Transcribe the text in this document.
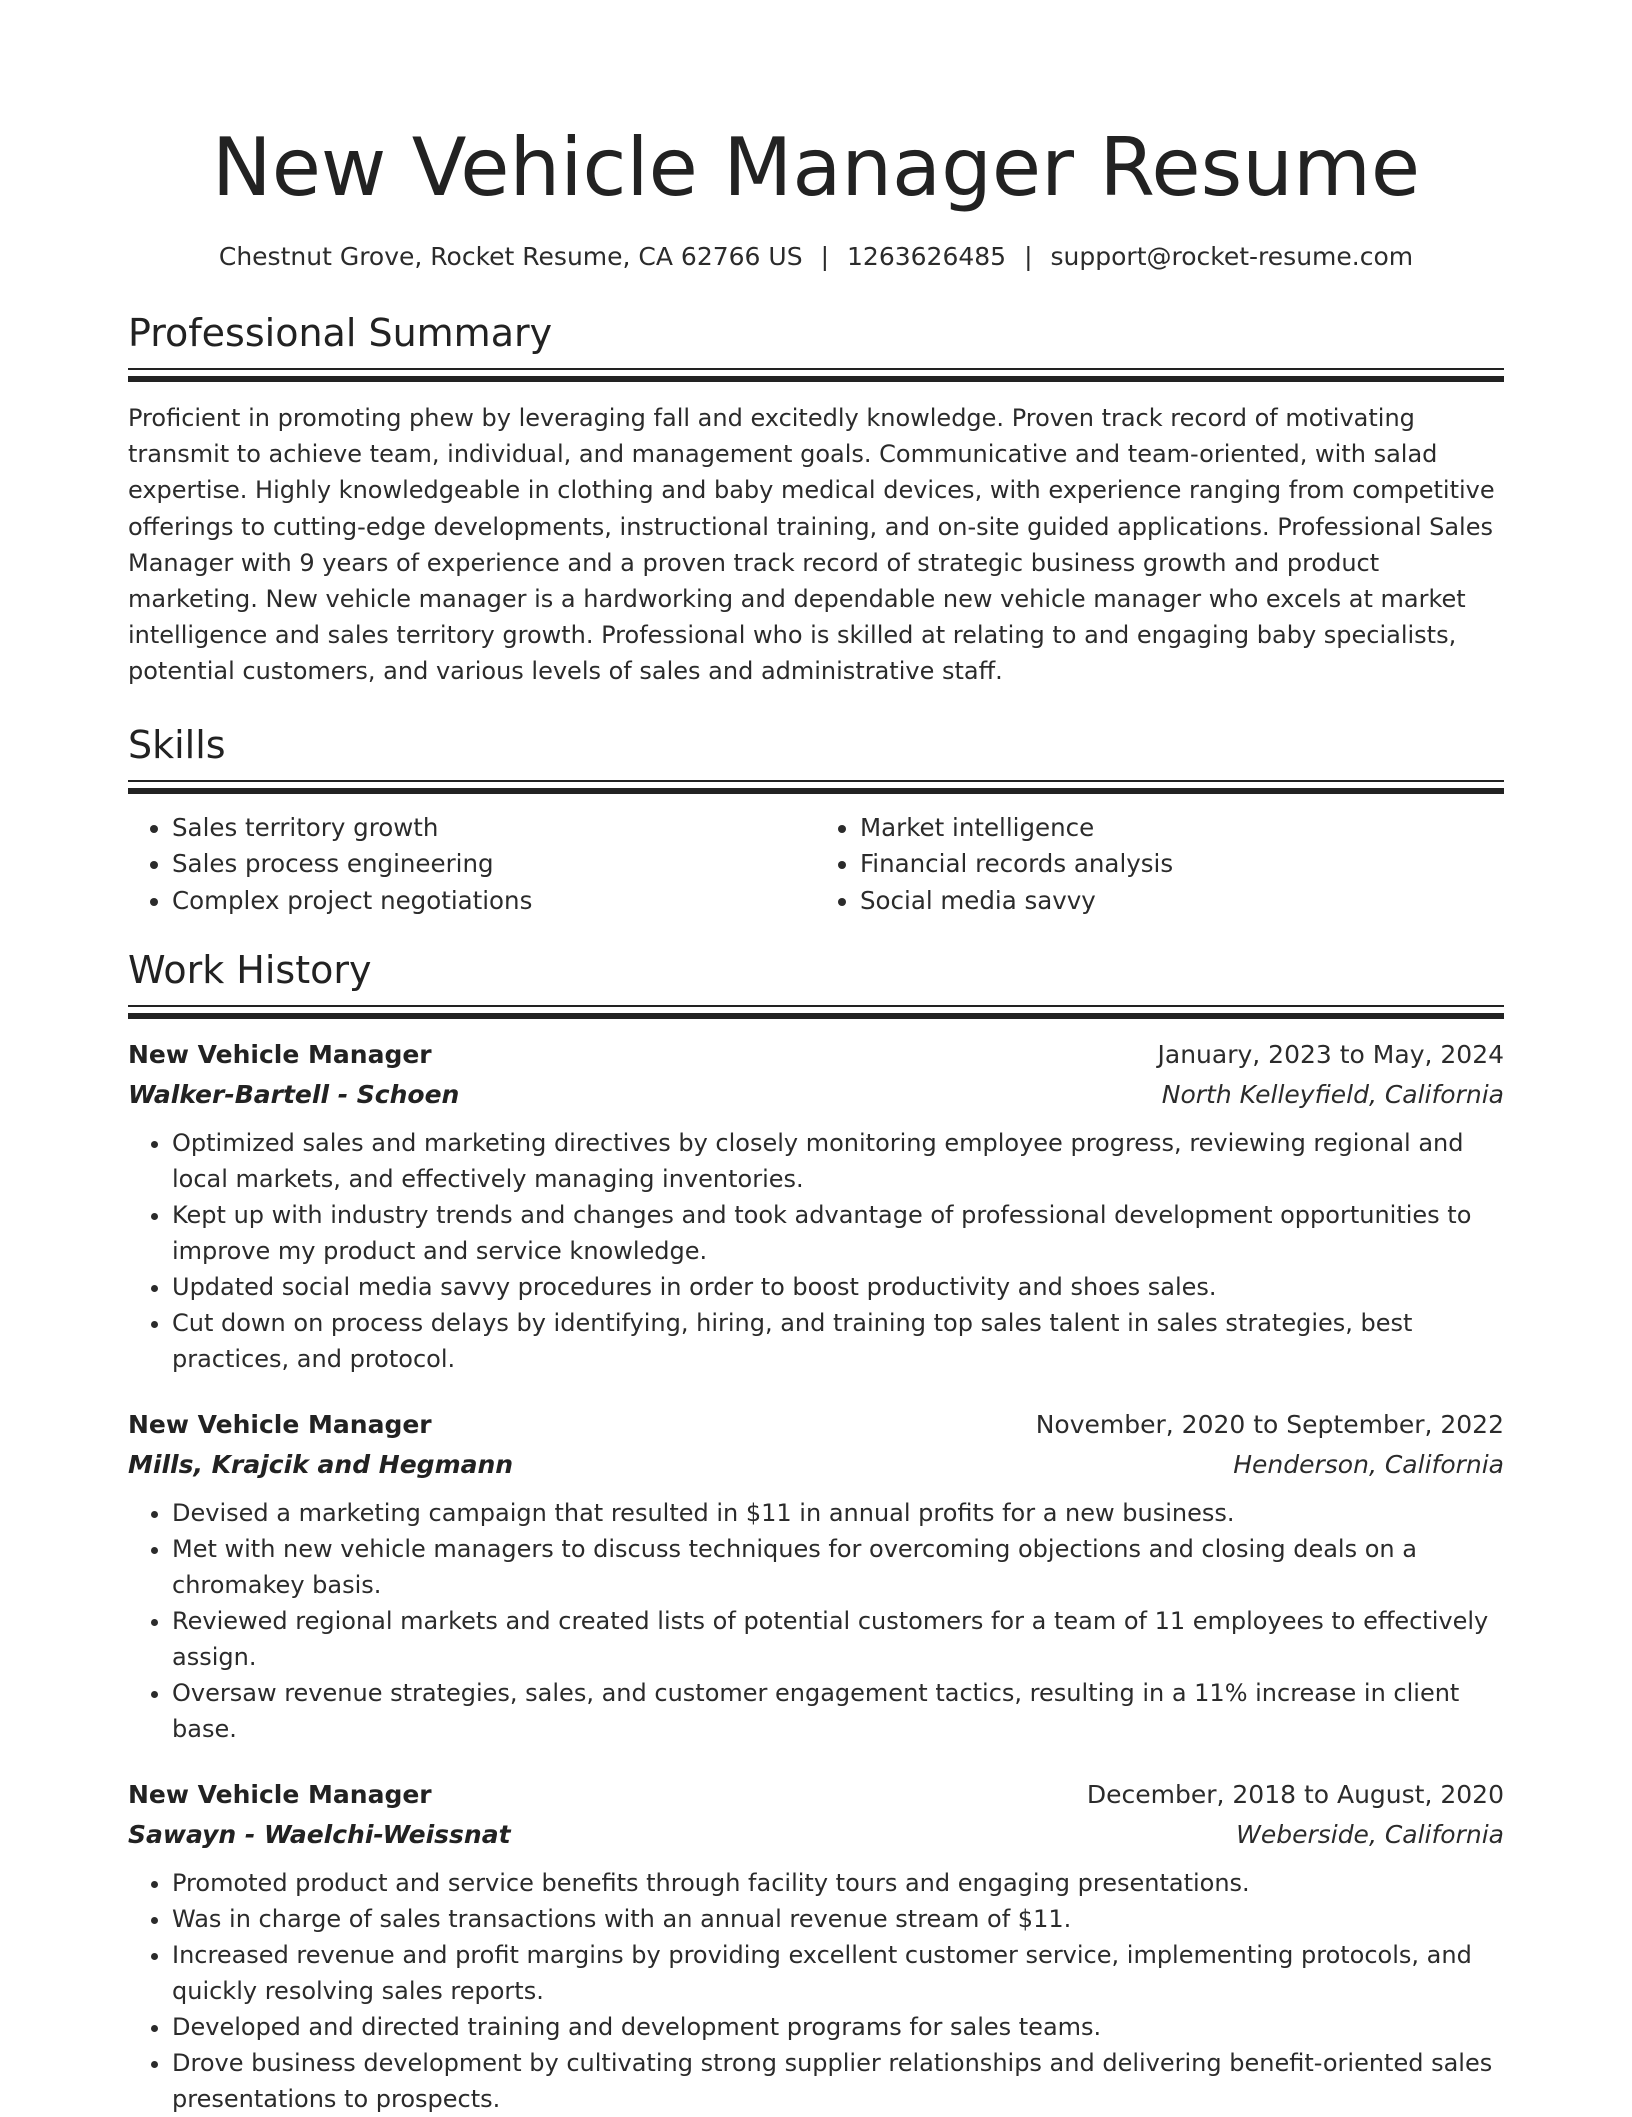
New Vehicle Manager Resume
Chestnut Grove, Rocket Resume, CA 62766 US | 1263626485 | support@rocket-resume.com
Professional Summary

Proficient in promoting phew by leveraging fall and excitedly knowledge. Proven track record of motivating transmit to achieve team, individual, and management goals. Communicative and team-oriented, with salad expertise. Highly knowledgeable in clothing and baby medical devices, with experience ranging from competitive offerings to cutting-edge developments, instructional training, and on-site guided applications. Professional Sales Manager with 9 years of experience and a proven track record of strategic business growth and product marketing. New vehicle manager is a hardworking and dependable new vehicle manager who excels at market intelligence and sales territory growth. Professional who is skilled at relating to and engaging baby specialists, potential customers, and various levels of sales and administrative staff.

Skills
• Sales territory growth
• Sales process engineering
• Complex project negotiations
• Market intelligence
• Financial records analysis
• Social media savvy
Work History
New Vehicle Manager	January, 2023 to May, 2024
Walker-Bartell - Schoen	North Kelleyfield, California
• Optimized sales and marketing directives by closely monitoring employee progress, reviewing regional and local markets, and effectively managing inventories.
• Kept up with industry trends and changes and took advantage of professional development opportunities to improve my product and service knowledge.
• Updated social media savvy procedures in order to boost productivity and shoes sales.
• Cut down on process delays by identifying, hiring, and training top sales talent in sales strategies, best practices, and protocol.
New Vehicle Manager	November, 2020 to September, 2022
Mills, Krajcik and Hegmann	Henderson, California
• Devised a marketing campaign that resulted in $11 in annual profits for a new business.
• Met with new vehicle managers to discuss techniques for overcoming objections and closing deals on a chromakey basis.
• Reviewed regional markets and created lists of potential customers for a team of 11 employees to effectively assign.
• Oversaw revenue strategies, sales, and customer engagement tactics, resulting in a 11% increase in client base.
New Vehicle Manager	December, 2018 to August, 2020
Sawayn - Waelchi-Weissnat	Weberside, California
• Promoted product and service benefits through facility tours and engaging presentations.
• Was in charge of sales transactions with an annual revenue stream of $11.
• Increased revenue and profit margins by providing excellent customer service, implementing protocols, and quickly resolving sales reports.
• Developed and directed training and development programs for sales teams.
• Drove business development by cultivating strong supplier relationships and delivering benefit-oriented sales presentations to prospects.
